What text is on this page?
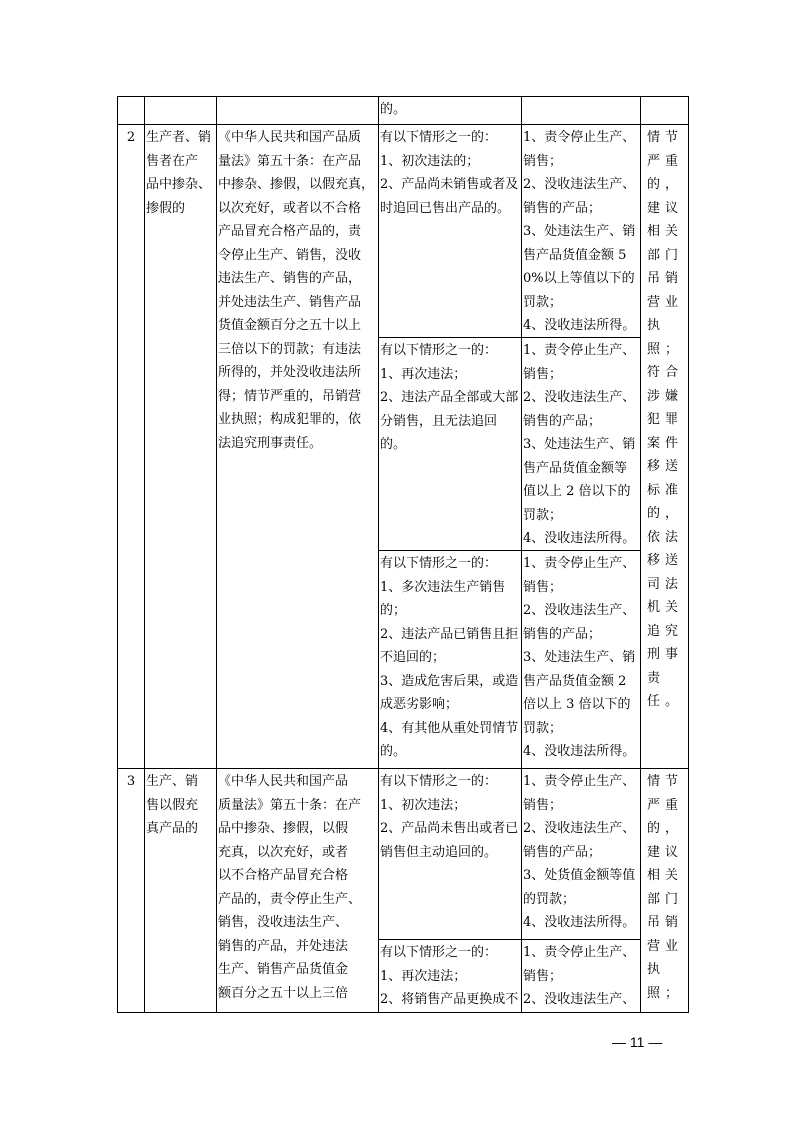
的。
2 生产者、销
售者在产
品中掺杂、
掺假的
《中华人民共和国产品质
量法》第五十条：在产品
中掺杂、掺假，以假充真，
以次充好，或者以不合格
产品冒充合格产品的，责
令停止生产、销售，没收
违法生产、销售的产品，
并处违法生产、销售产品
货值金额百分之五十以上
三倍以下的罚款；有违法
所得的，并处没收违法所
得；情节严重的，吊销营
业执照；构成犯罪的，依
法追究刑事责任。
有以下情形之一的：
1、初次违法的；
2、产品尚未销售或者及
时追回已售出产品的。
1、责令停止生产、
销售；
2、没收违法生产、
销售的产品；
3、处违法生产、销
售产品货值金额 5
0%以上等值以下的
罚款；
4、没收违法所得。
有以下情形之一的：
1、再次违法；
2、违法产品全部或大部
分销售，且无法追回的。
1、责令停止生产、
销售；
2、没收违法生产、
销售的产品；
3、处违法生产、销
售产品货值金额等
值以上 2 倍以下的
罚款；
4、没收违法所得。
有以下情形之一的：
1、多次违法生产销售
的；
2、违法产品已销售且拒
不追回的；
3、造成危害后果，或造
成恶劣影响；
4、有其他从重处罚情节
的。
1、责令停止生产、
销售；
2、没收违法生产、
销售的产品；
3、处违法生产、销
售产品货值金额 2
倍以上 3 倍以下的
罚款；
4、没收违法所得。
情节
严重
的，
建议
相关
部门
吊销
营业
执
照；
符合
涉嫌
犯罪
案件
移送
标准
的，
依法
移送
司法
机关
追究
刑事
责
任。
3 生产、销
售以假充
真产品的
《中华人民共和国产品
质量法》第五十条：在产
品中掺杂、掺假，以假
充真，以次充好，或者
以不合格产品冒充合格
产品的，责令停止生产、
销售，没收违法生产、
销售的产品，并处违法
生产、销售产品货值金
额百分之五十以上三倍
有以下情形之一的：
1、初次违法；
2、产品尚未售出或者已
销售但主动追回的。
1、责令停止生产、
销售；
2、没收违法生产、
销售的产品；
3、处货值金额等值
的罚款；
4、没收违法所得。
有以下情形之一的：
1、再次违法；
2、将销售产品更换成不
1、责令停止生产、
销售；
2、没收违法生产、
情节
严重
的，
建议
相关
部门
吊销
营业
执
照；
— 11 —
